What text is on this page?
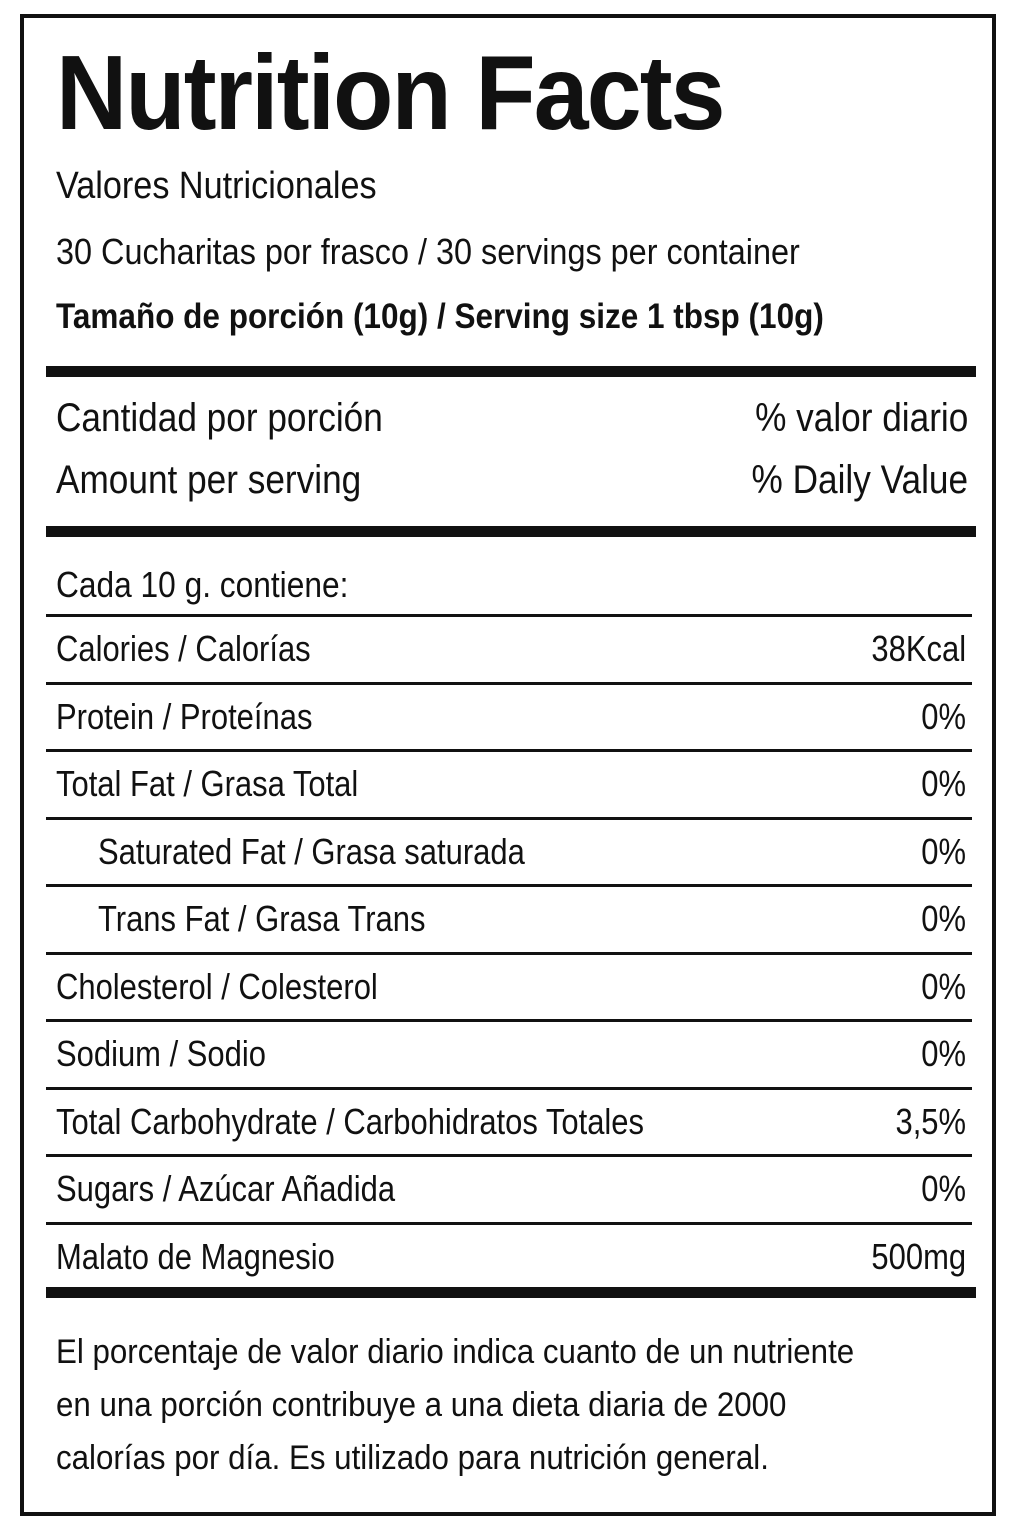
Nutrition Facts
Valores Nutricionales
30 Cucharitas por frasco / 30 servings per container
Tamaño de porción (10g) / Serving size 1 tbsp (10g)
Cantidad por porción	% valor diario
Amount per serving	% Daily Value
Cada 10 g. contiene:
Calories / Calorías	38Kcal
Protein / Proteínas	0%
Total Fat / Grasa Total	0%
Saturated Fat / Grasa saturada	0%
Trans Fat / Grasa Trans	0%
Cholesterol / Colesterol	0%
Sodium / Sodio	0%
Total Carbohydrate / Carbohidratos Totales	3,5%
Sugars / Azúcar Añadida	0%
Malato de Magnesio	500mg
El porcentaje de valor diario indica cuanto de un nutriente
en una porción contribuye a una dieta diaria de 2000
calorías por día. Es utilizado para nutrición general.
